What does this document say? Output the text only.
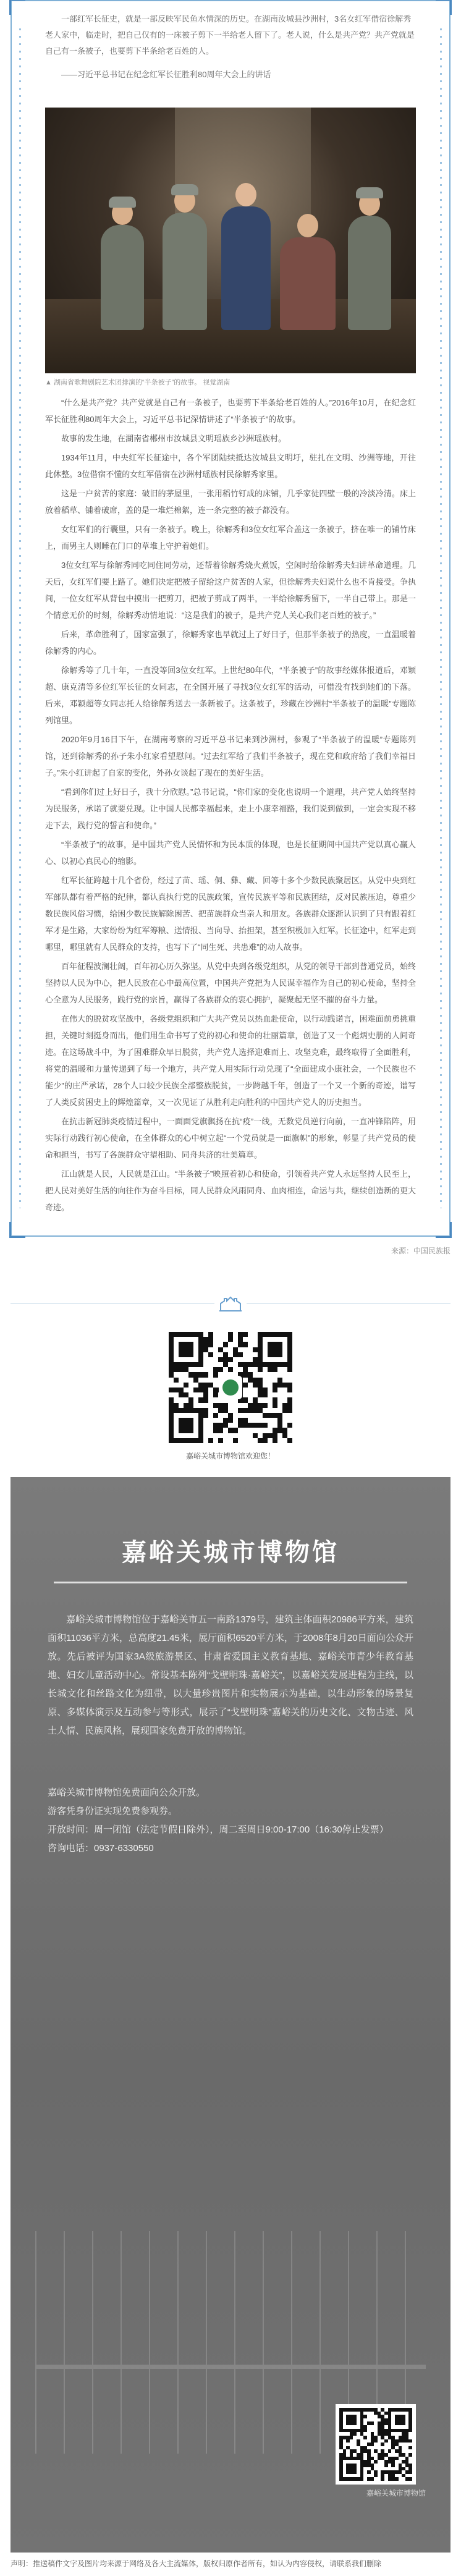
一部红军长征史，就是一部反映军民鱼水情深的历史。在湖南汝城县沙洲村，3名女红军借宿徐解秀老人家中，临走时，把自己仅有的一床被子剪下一半给老人留下了。老人说，什么是共产党？共产党就是自己有一条被子，也要剪下半条给老百姓的人。

——习近平总书记在纪念红军长征胜利80周年大会上的讲话

▲ 湖南省歌舞剧院艺术团排演的“半条被子”的故事。 视觉湖南

“什么是共产党？共产党就是自己有一条被子，也要剪下半条给老百姓的人。”2016年10月，在纪念红军长征胜利80周年大会上，习近平总书记深情讲述了“半条被子”的故事。

故事的发生地，在湖南省郴州市汝城县文明瑶族乡沙洲瑶族村。

1934年11月，中央红军长征途中，各个军团陆续抵达汝城县文明圩，驻扎在文明、沙洲等地，开往此休整。3位借宿不懂的女红军借宿在沙洲村瑶族村民徐解秀家里。

这是一户贫苦的家庭：破旧的茅屋里，一张用稻竹钉成的床铺，几乎家徒四壁一般的冷淡冷清。床上放着稻草、铺着破席，盖的是一堆烂棉絮，连一条完整的被子都没有。

女红军们的行囊里，只有一条被子。晚上，徐解秀和3位女红军合盖这一条被子，挤在唯一的铺竹床上，而男主人则睡在门口的草堆上守护着她们。

3位女红军与徐解秀同吃同住同劳动，还帮着徐解秀烧火煮饭，空闲时给徐解秀夫妇讲革命道理。几天后，女红军们要上路了。她们决定把被子留给这户贫苦的人家，但徐解秀夫妇说什么也不肯接受。争执间，一位女红军从背包中摸出一把剪刀，把被子剪成了两半，一半给徐解秀留下，一半自己带上。那是一个情意无价的时刻，徐解秀动情地说：“这是我们的被子，是共产党人关心我们老百姓的被子。”

后来，革命胜利了，国家富强了，徐解秀家也早就过上了好日子，但那半条被子的热度，一直温暖着徐解秀的内心。

徐解秀等了几十年，一直没等回3位女红军。上世纪80年代，“半条被子”的故事经媒体报道后，邓颖超、康克清等多位红军长征的女同志，在全国开展了寻找3位女红军的活动，可惜没有找到她们的下落。后来，邓颖超等女同志托人给徐解秀送去一条新被子。这条被子，珍藏在沙洲村“半条被子的温暖”专题陈列馆里。

2020年9月16日下午，在湖南考察的习近平总书记来到沙洲村，参观了“半条被子的温暖”专题陈列馆，还到徐解秀的孙子朱小红家看望慰问。“过去红军给了我们半条被子，现在党和政府给了我们幸福日子。”朱小红讲起了自家的变化，外孙女谈起了现在的美好生活。

“看到你们过上好日子，我十分欣慰。”总书记说，“你们家的变化也说明一个道理，共产党人始终坚持为民服务，承诺了就要兑现。让中国人民都幸福起来，走上小康幸福路，我们说到做到，一定会实现不移走下去，践行党的誓言和使命。”

“半条被子”的故事，是中国共产党人民情怀和为民本质的体现，也是长征期间中国共产党以真心赢人心、以初心真民心的缩影。

红军长征跨越十几个省份，经过了苗、瑶、侗、彝、藏、回等十多个少数民族聚居区。从党中央到红军部队都有着严格的纪律，都认真执行党的民族政策，宣传民族平等和民族团结，反对民族压迫，尊重少数民族风俗习惯，给困少数民族解除困苦、把苗族群众当亲人和朋友。各族群众逐渐认识到了只有跟着红军才是生路，大家纷纷为红军筹粮、送情报、当向导、抬担架，甚至积极加入红军。长征途中，红军走到哪里，哪里就有人民群众的支持，也写下了“同生死、共患难”的动人故事。

百年征程波澜壮阔，百年初心历久弥坚。从党中央到各级党组织，从党的领导干部到普通党员，始终坚持以人民为中心，把人民放在心中最高位置，中国共产党把为人民谋幸福作为自己的初心使命，坚持全心全意为人民服务，践行党的宗旨，赢得了各族群众的衷心拥护，凝聚起无坚不摧的奋斗力量。

在伟大的脱贫攻坚战中，各级党组织和广大共产党员以热血赴使命，以行动践诺言，困难面前勇挑重担，关键时刻挺身而出，他们用生命书写了党的初心和使命的壮丽篇章，创造了又一个彪炳史册的人间奇迹。在这场战斗中，为了困难群众早日脱贫，共产党人选择迎难而上、攻坚克难，最终取得了全面胜利，将党的温暖和力量传递到了每一个地方，共产党人用实际行动兑现了“全面建成小康社会，一个民族也不能少”的庄严承诺，28个人口较少民族全部整族脱贫，一步跨越千年，创造了一个又一个新的奇迹，谱写了人类反贫困史上的辉煌篇章，又一次见证了从胜利走向胜利的中国共产党人的历史担当。

在抗击新冠肺炎疫情过程中，一面面党旗飘扬在抗“疫”一线，无数党员逆行向前，一直冲锋陷阵，用实际行动践行初心使命，在全体群众的心中树立起“一个党员就是一面旗帜”的形象，彰显了共产党员的使命和担当，书写了各族群众守望相助、同舟共济的壮美篇章。

江山就是人民，人民就是江山。“半条被子”映照着初心和使命，引领着共产党人永远坚持人民至上，把人民对美好生活的向往作为奋斗目标，同人民群众风雨同舟、血肉相连，命运与共，继续创造新的更大奇迹。

来源：中国民族报

嘉峪关城市博物馆欢迎您！

嘉峪关城市博物馆

嘉峪关城市博物馆位于嘉峪关市五一南路1379号，建筑主体面积20986平方米，建筑面积11036平方米，总高度21.45米，展厅面积6520平方米，于2008年8月20日面向公众开放。先后被评为国家3A级旅游景区、甘肃省爱国主义教育基地、嘉峪关市青少年教育基地、妇女儿童活动中心。常设基本陈列“戈壁明珠·嘉峪关”，以嘉峪关发展进程为主线，以长城文化和丝路文化为纽带，以大量珍贵图片和实物展示为基础，以生动形象的场景复原、多媒体演示及互动参与等形式，展示了“戈壁明珠”嘉峪关的历史文化、文物古迹、风土人情、民族风格，展现国家免费开放的博物馆。

嘉峪关城市博物馆免费面向公众开放。

游客凭身份证实现免费参观券。

开放时间：周一闭馆（法定节假日除外），周二至周日9:00-17:00（16:30停止发票）

咨询电话：0937-6330550

嘉峪关城市博物馆

声明：推送稿件文字及图片均来源于网络及各大主流媒体，版权归原作者所有，如认为内容侵权，请联系我们删除
